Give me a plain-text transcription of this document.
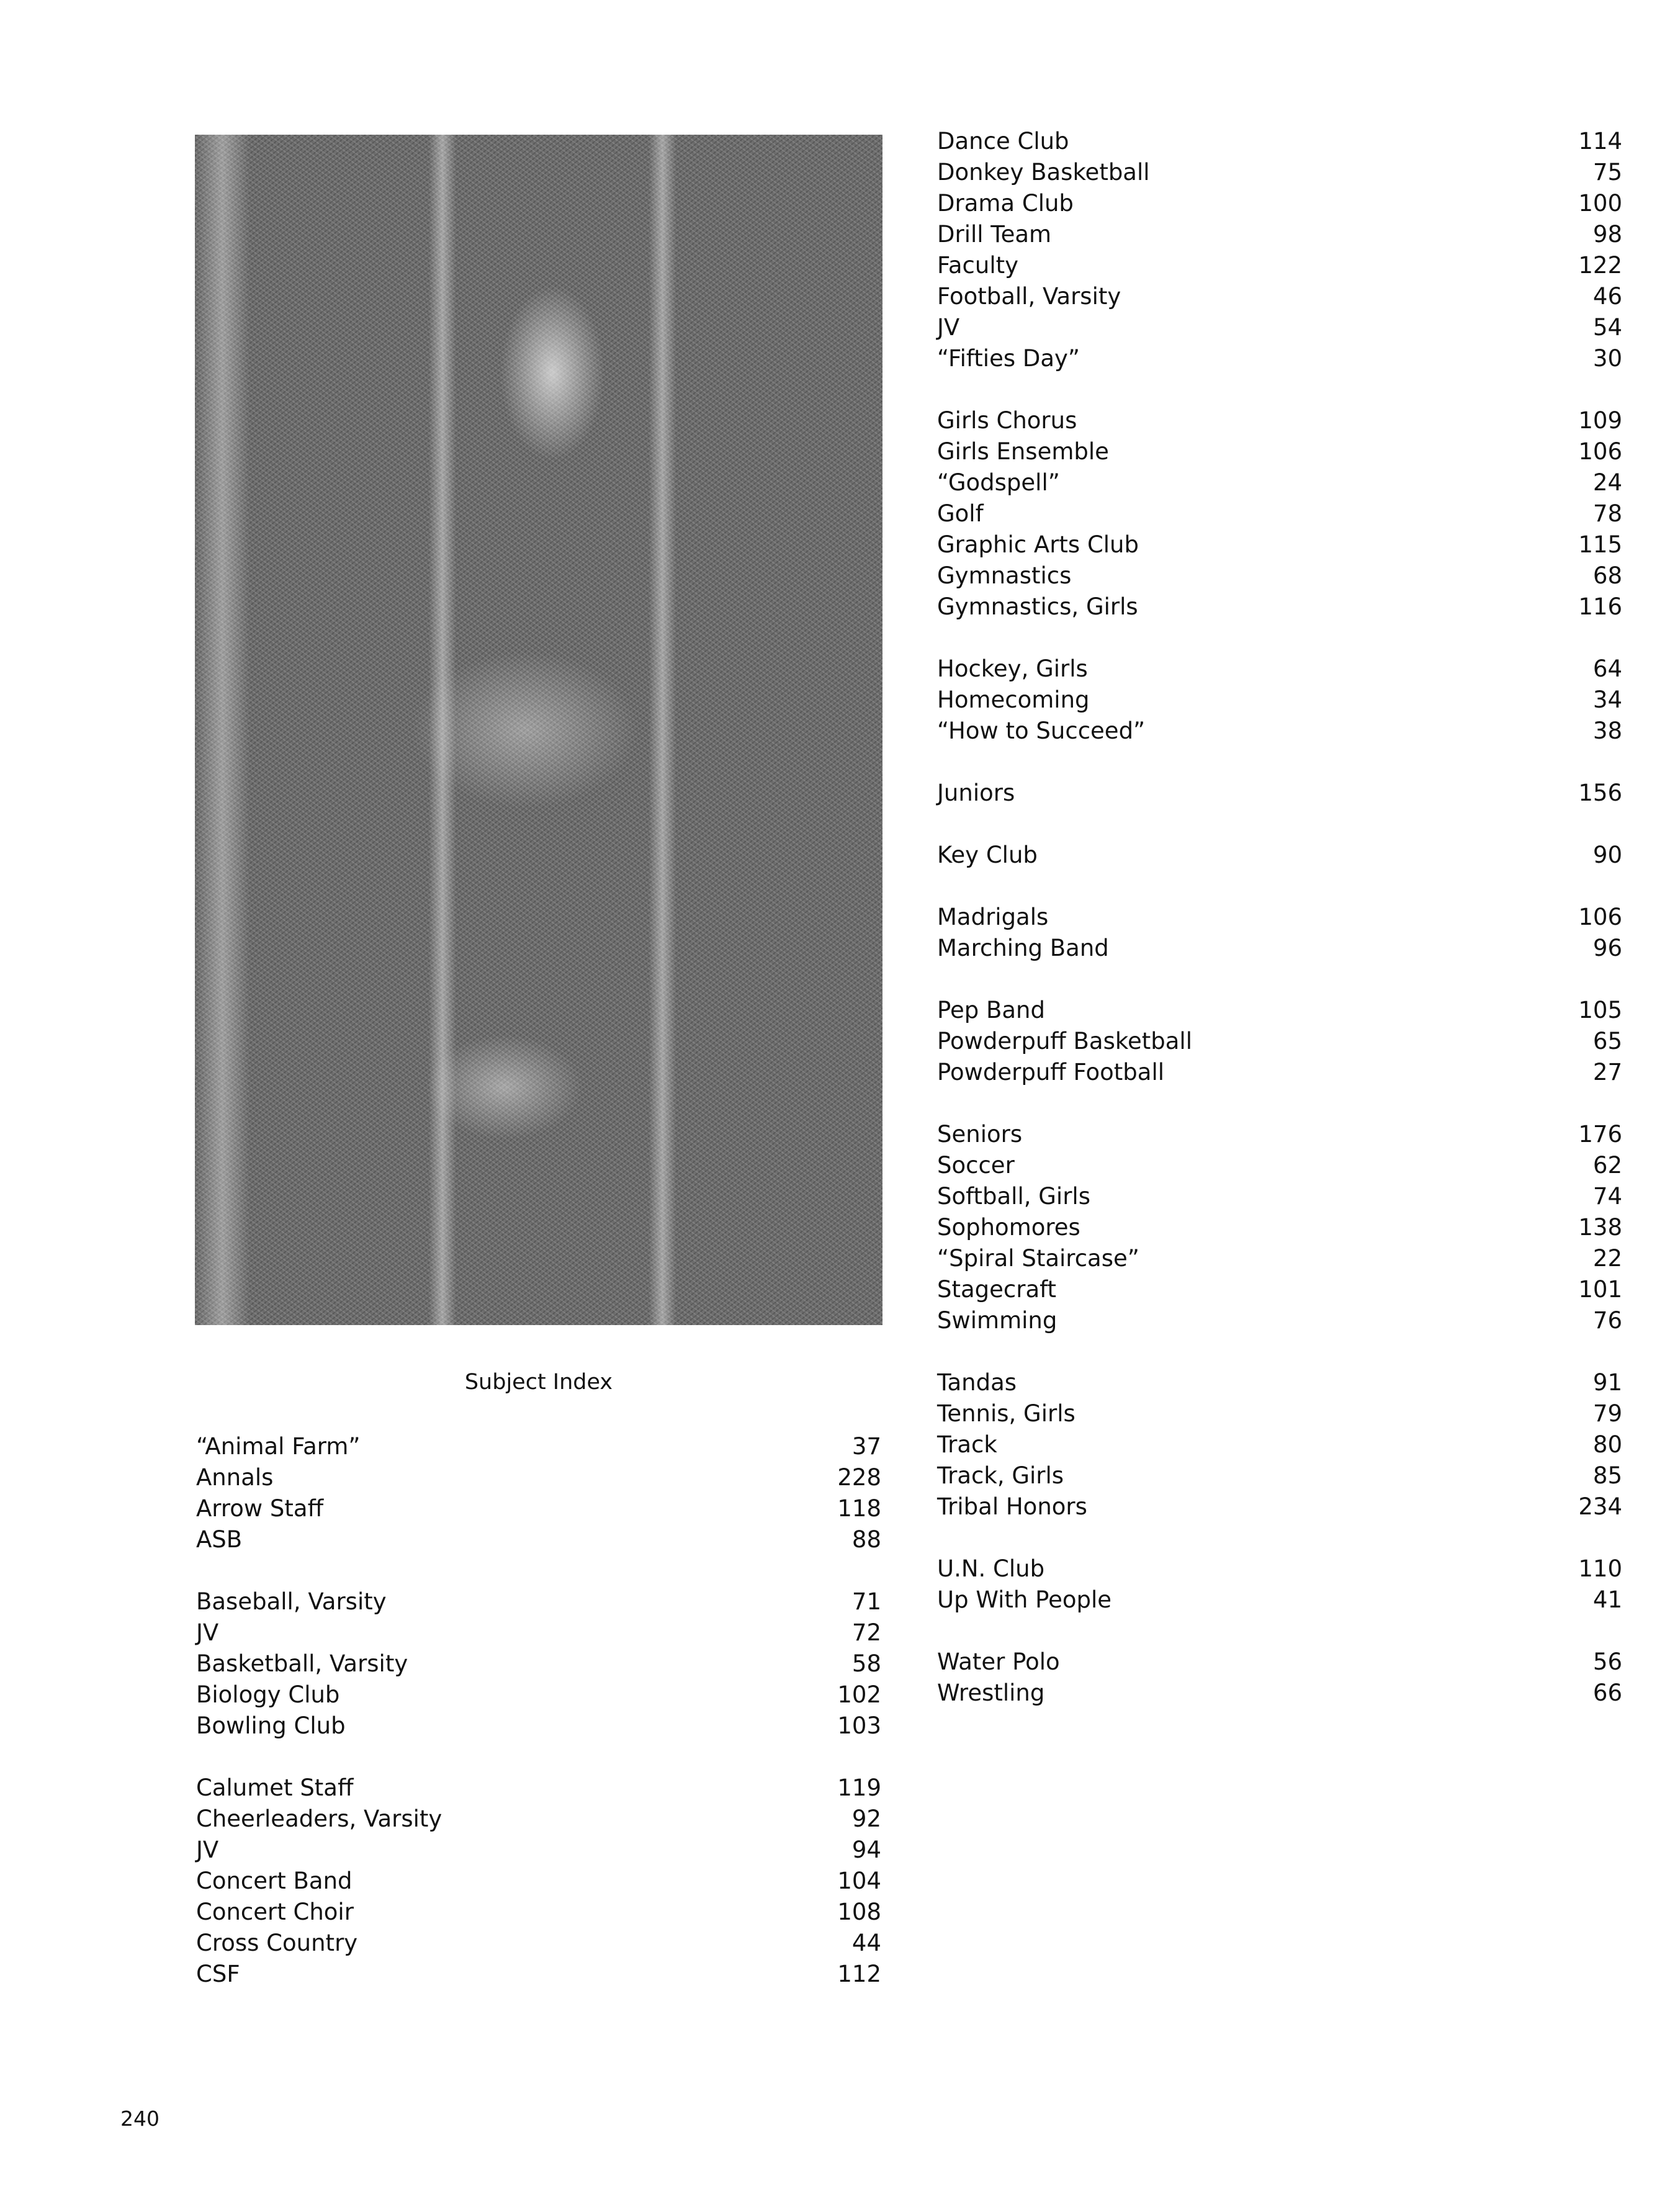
Subject Index
“Animal Farm”	37
Annals	228
Arrow Staff	118
ASB	88
Baseball, Varsity	71
JV	72
Basketball, Varsity	58
Biology Club	102
Bowling Club	103
Calumet Staff	119
Cheerleaders, Varsity	92
JV	94
Concert Band	104
Concert Choir	108
Cross Country	44
CSF	112
Dance Club	114
Donkey Basketball	75
Drama Club	100
Drill Team	98
Faculty	122
Football, Varsity	46
JV	54
“Fifties Day”	30
Girls Chorus	109
Girls Ensemble	106
“Godspell”	24
Golf	78
Graphic Arts Club	115
Gymnastics	68
Gymnastics, Girls	116
Hockey, Girls	64
Homecoming	34
“How to Succeed”	38
Juniors	156
Key Club	90
Madrigals	106
Marching Band	96
Pep Band	105
Powderpuff Basketball	65
Powderpuff Football	27
Seniors	176
Soccer	62
Softball, Girls	74
Sophomores	138
“Spiral Staircase”	22
Stagecraft	101
Swimming	76
Tandas	91
Tennis, Girls	79
Track	80
Track, Girls	85
Tribal Honors	234
U.N. Club	110
Up With People	41
Water Polo	56
Wrestling	66
240
